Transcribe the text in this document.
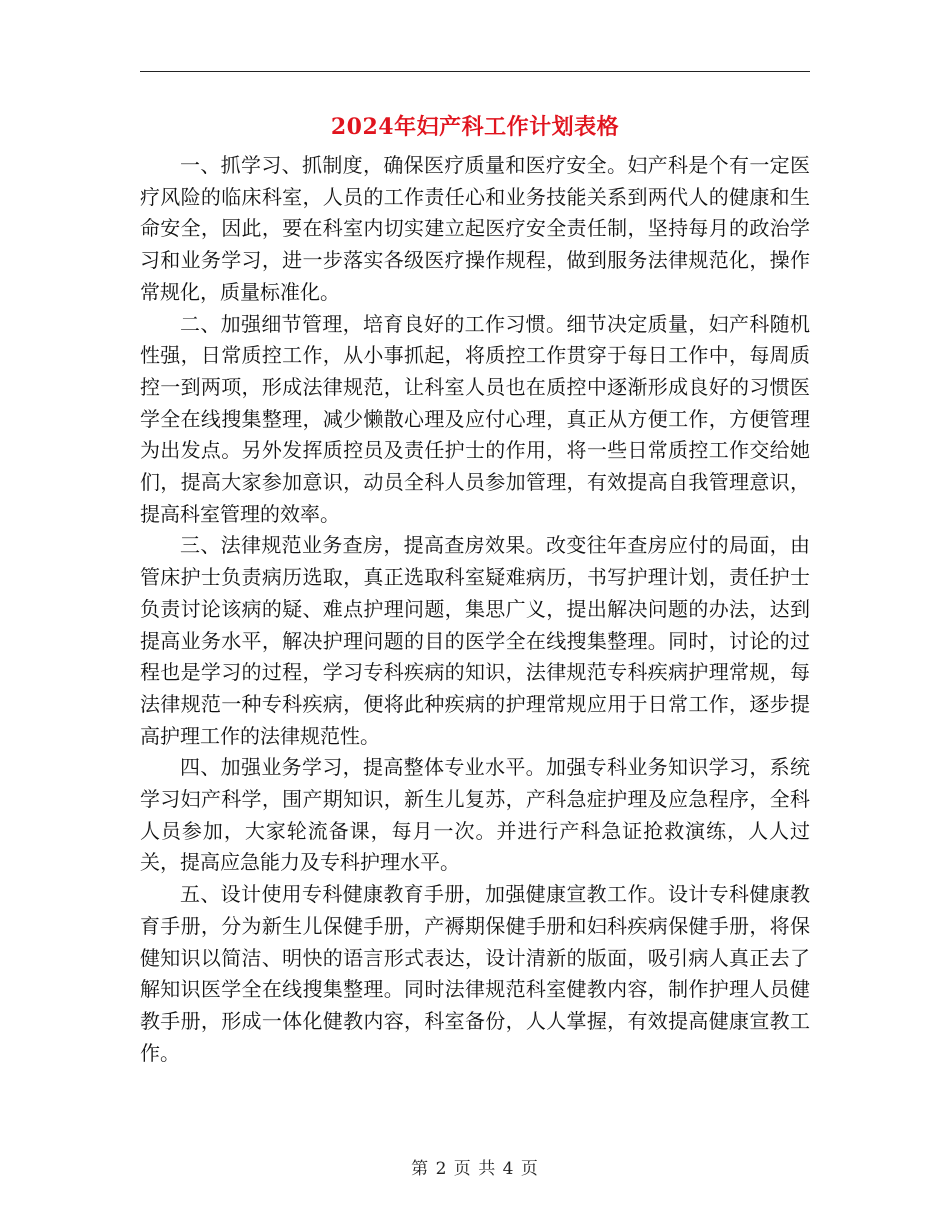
2024年妇产科工作计划表格

一、抓学习、抓制度，确保医疗质量和医疗安全。妇产科是个有一定医疗风险的临床科室，人员的工作责任心和业务技能关系到两代人的健康和生命安全，因此，要在科室内切实建立起医疗安全责任制，坚持每月的政治学习和业务学习，进一步落实各级医疗操作规程，做到服务法律规范化，操作常规化，质量标准化。

二、加强细节管理，培育良好的工作习惯。细节决定质量，妇产科随机性强，日常质控工作，从小事抓起，将质控工作贯穿于每日工作中，每周质控一到两项，形成法律规范，让科室人员也在质控中逐渐形成良好的习惯医学全在线搜集整理，减少懒散心理及应付心理，真正从方便工作，方便管理为出发点。另外发挥质控员及责任护士的作用，将一些日常质控工作交给她们，提高大家参加意识，动员全科人员参加管理，有效提高自我管理意识，提高科室管理的效率。

三、法律规范业务查房，提高查房效果。改变往年查房应付的局面，由管床护士负责病历选取，真正选取科室疑难病历，书写护理计划，责任护士负责讨论该病的疑、难点护理问题，集思广义，提出解决问题的办法，达到提高业务水平，解决护理问题的目的医学全在线搜集整理。同时，讨论的过程也是学习的过程，学习专科疾病的知识，法律规范专科疾病护理常规，每法律规范一种专科疾病，便将此种疾病的护理常规应用于日常工作，逐步提高护理工作的法律规范性。

四、加强业务学习，提高整体专业水平。加强专科业务知识学习，系统学习妇产科学，围产期知识，新生儿复苏，产科急症护理及应急程序，全科人员参加，大家轮流备课，每月一次。并进行产科急证抢救演练，人人过关，提高应急能力及专科护理水平。

五、设计使用专科健康教育手册，加强健康宣教工作。设计专科健康教育手册，分为新生儿保健手册，产褥期保健手册和妇科疾病保健手册，将保健知识以简洁、明快的语言形式表达，设计清新的版面，吸引病人真正去了解知识医学全在线搜集整理。同时法律规范科室健教内容，制作护理人员健教手册，形成一体化健教内容，科室备份，人人掌握，有效提高健康宣教工作。

第 2 页 共 4 页
